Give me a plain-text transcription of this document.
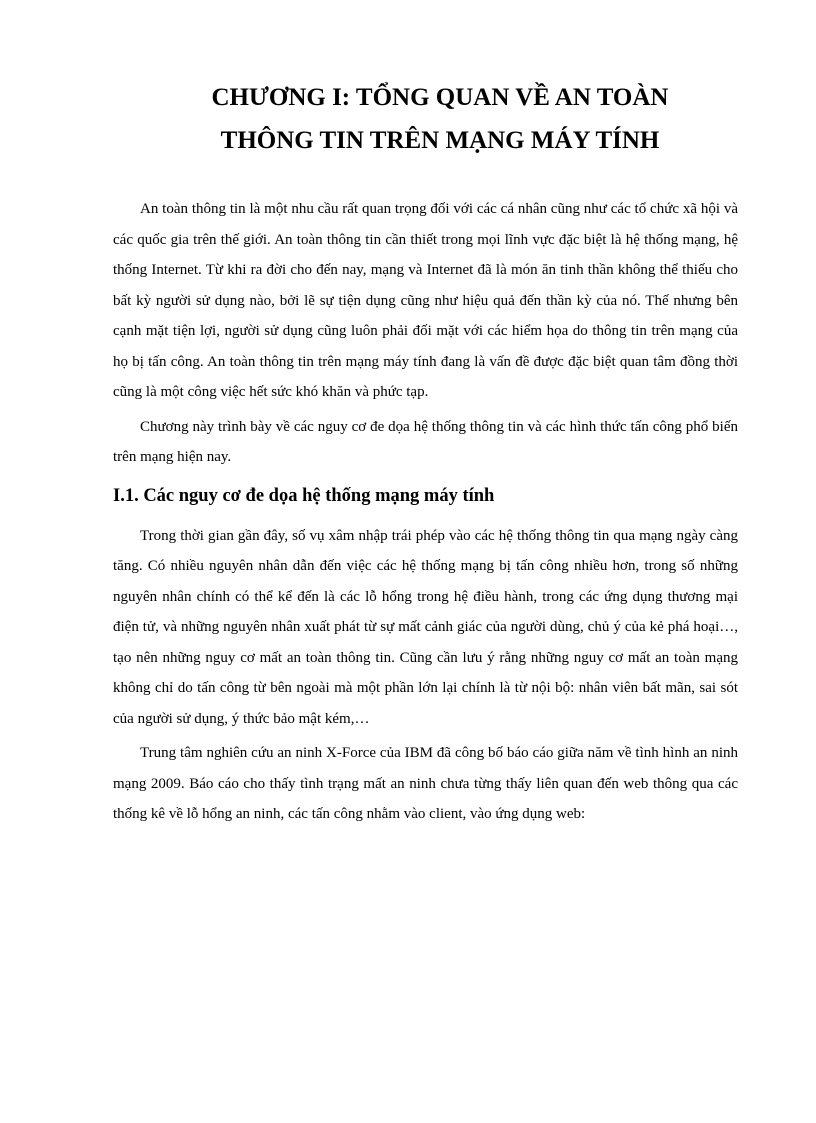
CHƯƠNG I: TỔNG QUAN VỀ AN TOÀN
THÔNG TIN TRÊN MẠNG MÁY TÍNH

An toàn thông tin là một nhu cầu rất quan trọng đối với các cá nhân cũng như các tổ chức xã hội và các quốc gia trên thế giới. An toàn thông tin cần thiết trong mọi lĩnh vực đặc biệt là hệ thống mạng, hệ thống Internet. Từ khi ra đời cho đến nay, mạng và Internet đã là món ăn tinh thần không thể thiếu cho bất kỳ người sử dụng nào, bởi lẽ sự tiện dụng cũng như hiệu quả đến thần kỳ của nó. Thế nhưng bên cạnh mặt tiện lợi, người sử dụng cũng luôn phải đối mặt với các hiểm họa do thông tin trên mạng của họ bị tấn công. An toàn thông tin trên mạng máy tính đang là vấn đề được đặc biệt quan tâm đồng thời cũng là một công việc hết sức khó khăn và phức tạp.

Chương này trình bày về các nguy cơ đe dọa hệ thống thông tin và các hình thức tấn công phổ biến trên mạng hiện nay.

I.1. Các nguy cơ đe dọa hệ thống mạng máy tính

Trong thời gian gần đây, số vụ xâm nhập trái phép vào các hệ thống thông tin qua mạng ngày càng tăng. Có nhiều nguyên nhân dẫn đến việc các hệ thống mạng bị tấn công nhiều hơn, trong số những nguyên nhân chính có thể kể đến là các lỗ hổng trong hệ điều hành, trong các ứng dụng thương mại điện tử, và những nguyên nhân xuất phát từ sự mất cảnh giác của người dùng, chủ ý của kẻ phá hoại…, tạo nên những nguy cơ mất an toàn thông tin. Cũng cần lưu ý rằng những nguy cơ mất an toàn mạng không chỉ do tấn công từ bên ngoài mà một phần lớn lại chính là từ nội bộ: nhân viên bất mãn, sai sót của người sử dụng, ý thức bảo mật kém,…

Trung tâm nghiên cứu an ninh X-Force của IBM đã công bố báo cáo giữa năm về tình hình an ninh mạng 2009. Báo cáo cho thấy tình trạng mất an ninh chưa từng thấy liên quan đến web thông qua các thống kê về lỗ hổng an ninh, các tấn công nhằm vào client, vào ứng dụng web:
